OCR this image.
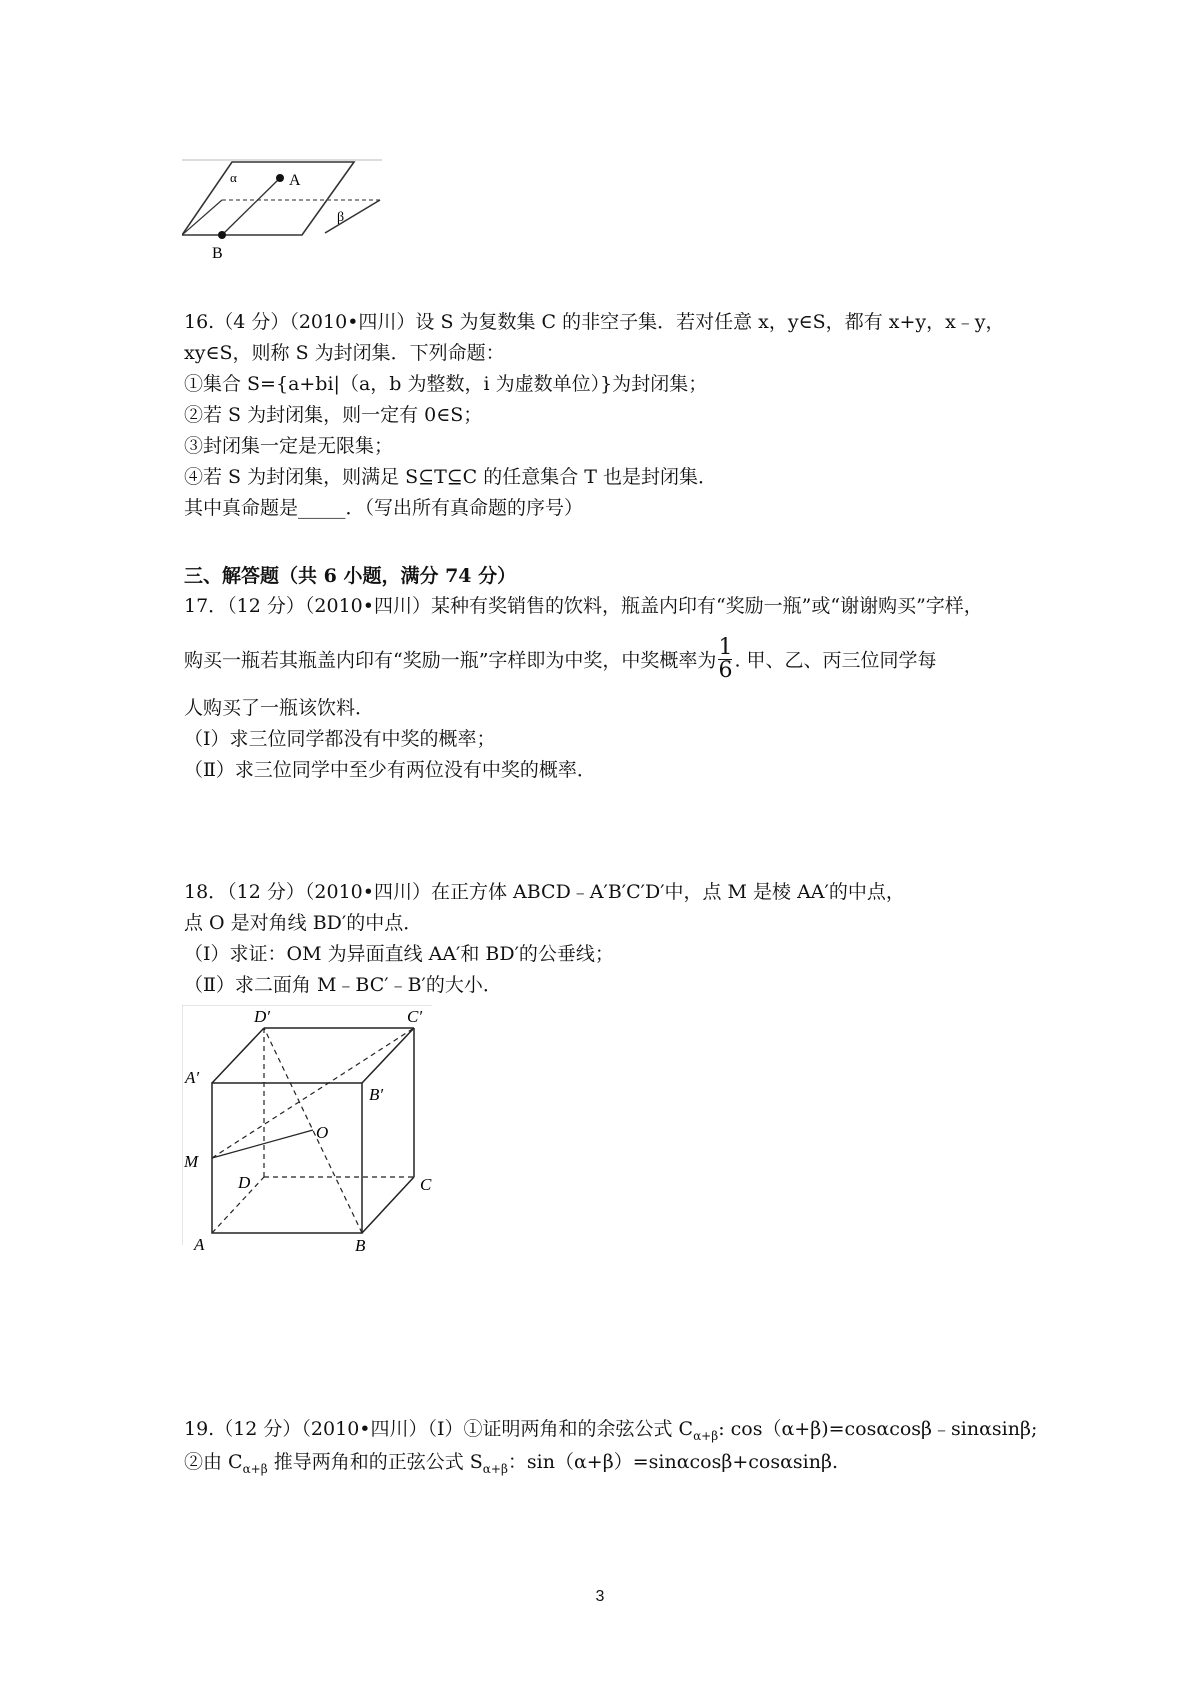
α	A
β
B
16.（4 分）（2010•四川）设 S 为复数集 C 的非空子集．若对任意 x，y∈S，都有 x+y，x﹣y，
xy∈S，则称 S 为封闭集．下列命题：
①集合 S={a+bi|（a，b 为整数，i 为虚数单位）}为封闭集；
②若 S 为封闭集，则一定有 0∈S；
③封闭集一定是无限集；
④若 S 为封闭集，则满足 S⊆T⊆C 的任意集合 T 也是封闭集．
其中真命题是_____．（写出所有真命题的序号）
三、解答题（共 6 小题，满分 74 分）
17．（12 分）（2010•四川）某种有奖销售的饮料，瓶盖内印有“奖励一瓶”或“谢谢购买”字样，
购买一瓶若其瓶盖内印有“奖励一瓶”字样即为中奖，中奖概率为 $\frac{1}{6}$ . 甲、乙、丙三位同学每
人购买了一瓶该饮料．
（Ⅰ）求三位同学都没有中奖的概率；
（Ⅱ）求三位同学中至少有两位没有中奖的概率．
18．（12 分）（2010•四川）在正方体 ABCD﹣A′B′C′D′中，点 M 是棱 AA′的中点，
点 O 是对角线 BD′的中点．
（Ⅰ）求证：OM 为异面直线 AA′和 BD′的公垂线；
（Ⅱ）求二面角 M﹣BC′﹣B′的大小．
D′	C′
A′
B′
O
M
D	C
A	B
19.（12 分）（2010•四川）（Ⅰ）①证明两角和的余弦公式 $C_{\alpha+\beta}$: cos（α+β)=cosαcosβ﹣sinαsinβ;
②由 $C_{\alpha+\beta}$ 推导两角和的正弦公式 $S_{\alpha+\beta}$：sin（α+β）=sinαcosβ+cosαsinβ.
3
